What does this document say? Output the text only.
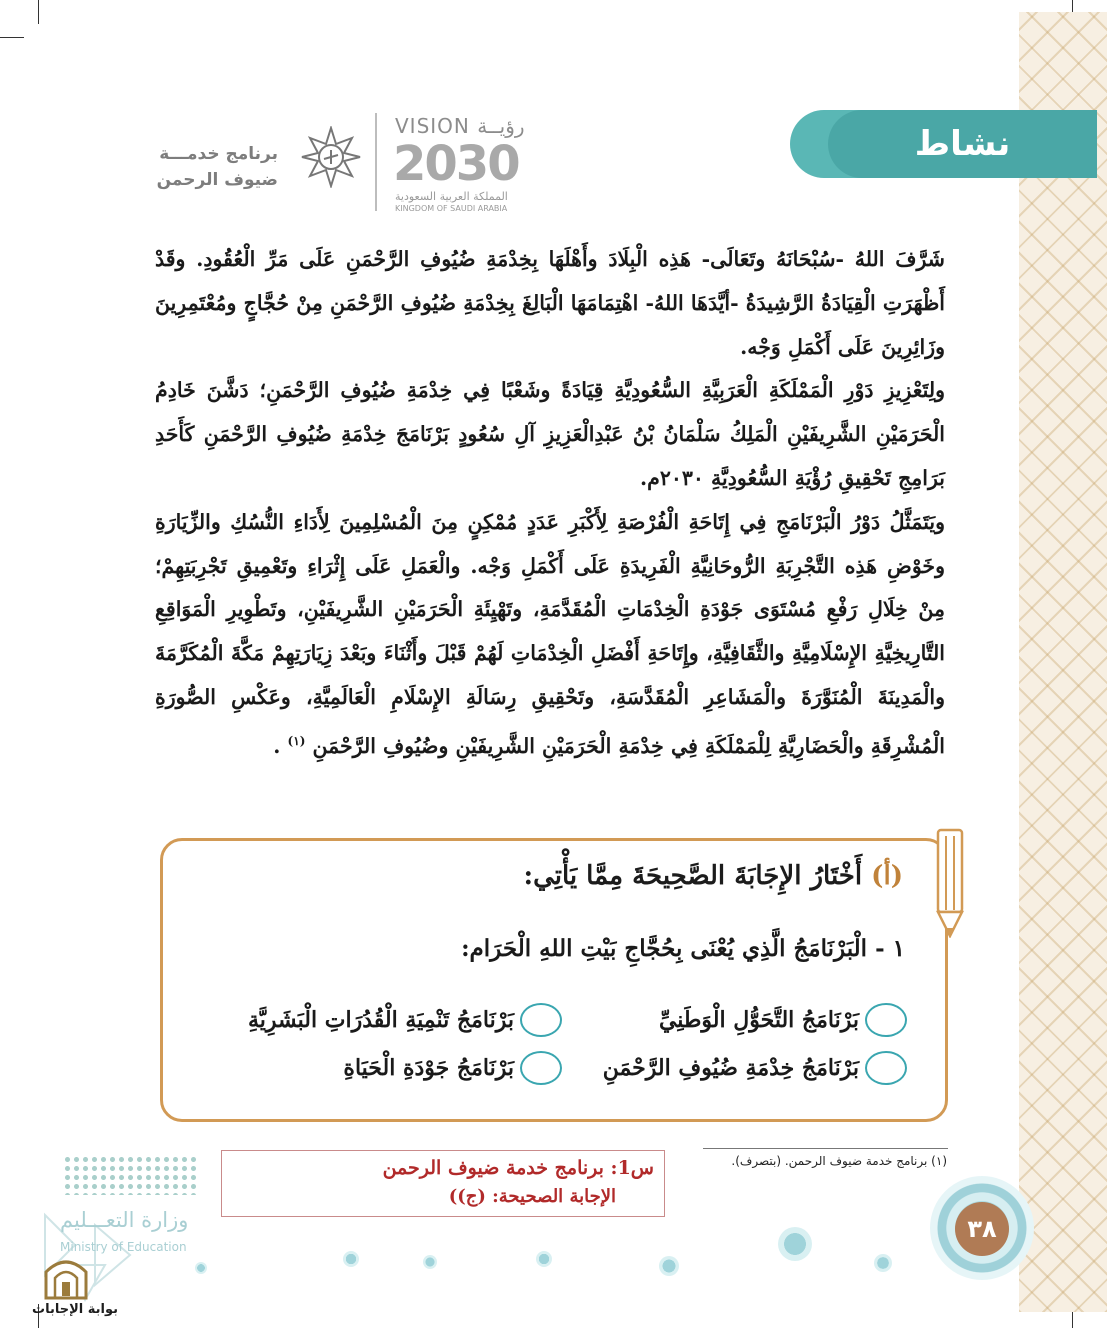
VISION رؤيــة
2030
المملكة العربية السعودية
KINGDOM OF SAUDI ARABIA
برنامج خدمـــة
ضيوف الرحمن
نشاط

شَرَّفَ اللهُ -سُبْحَانَهُ وتَعَالَى- هَذِه الْبِلَادَ وأَهْلَهَا بِخِدْمَةِ ضُيُوفِ الرَّحْمَنِ عَلَى مَرِّ الْعُقُودِ. وقَدْ أَظْهَرَتِ الْقِيَادَةُ الرَّشِيدَةُ -أيَّدَهَا اللهُ- اهْتِمَامَهَا الْبَالِغَ بِخِدْمَةِ ضُيُوفِ الرَّحْمَنِ مِنْ حُجَّاجٍ ومُعْتَمِرِينَ وزَائِرِينَ عَلَى أَكْمَلِ وَجْه.

ولِتَعْزِيزِ دَوْرِ الْمَمْلَكَةِ الْعَرَبِيَّةِ السُّعُودِيَّةِ قِيَادَةً وشَعْبًا فِي خِدْمَةِ ضُيُوفِ الرَّحْمَنِ؛ دَشَّنَ خَادِمُ الْحَرَمَيْنِ الشَّرِيفَيْنِ الْمَلِكُ سَلْمَانُ بْنُ عَبْدِالْعَزِيزِ آلِ سُعُودٍ بَرْنَامَجَ خِدْمَةِ ضُيُوفِ الرَّحْمَنِ كَأَحَدِ بَرَامِجِ تَحْقِيقِ رُؤْيَةِ السُّعُودِيَّةِ ٢٠٣٠م.

ويَتَمَثَّلُ دَوْرُ الْبَرْنَامَجِ فِي إِتَاحَةِ الْفُرْصَةِ لِأَكْبَرِ عَدَدٍ مُمْكِنٍ مِنَ الْمُسْلِمِينَ لِأَدَاءِ النُّسُكِ والزِّيَارَةِ وخَوْضِ هَذِه التَّجْرِبَةِ الرُّوحَانِيَّةِ الْفَرِيدَةِ عَلَى أَكْمَلِ وَجْه. والْعَمَلِ عَلَى إِثْرَاءِ وتَعْمِيقِ تَجْرِبَتِهِمْ؛ مِنْ خِلَالِ رَفْعِ مُسْتَوَى جَوْدَةِ الْخِدْمَاتِ الْمُقَدَّمَةِ، وتَهْيِئَةِ الْحَرَمَيْنِ الشَّرِيفَيْنِ، وتَطْوِيرِ الْمَوَاقِعِ التَّارِيخِيَّةِ الإِسْلَامِيَّةِ والثَّقَافِيَّةِ، وإِتَاحَةِ أَفْضَلِ الْخِدْمَاتِ لَهُمْ قَبْلَ وأَثْنَاءَ وبَعْدَ زِيَارَتِهِمْ مَكَّةَ الْمُكَرَّمَةَ والْمَدِينَةَ الْمُنَوَّرَةَ والْمَشَاعِرِ الْمُقَدَّسَةِ، وتَحْقِيقِ رِسَالَةِ الإِسْلَامِ الْعَالَمِيَّةِ، وعَكْسِ الصُّورَةِ الْمُشْرِقَةِ والْحَضَارِيَّةِ لِلْمَمْلَكَةِ فِي خِدْمَةِ الْحَرَمَيْنِ الشَّرِيفَيْنِ وضُيُوفِ الرَّحْمَنِ $^{(١)}$ .

(أ) أَخْتَارُ الإِجَابَةَ الصَّحِيحَةَ مِمَّا يَأْتِي:
١ - الْبَرْنَامَجُ الَّذِي يُعْنَى بِحُجَّاجِ بَيْتِ اللهِ الْحَرَام:
بَرْنَامَجُ التَّحَوُّلِ الْوَطَنِيِّ
بَرْنَامَجُ تَنْمِيَةِ الْقُدُرَاتِ الْبَشَرِيَّةِ
بَرْنَامَجُ خِدْمَةِ ضُيُوفِ الرَّحْمَنِ
بَرْنَامَجُ جَوْدَةِ الْحَيَاةِ
س1: برنامج خدمة ضيوف الرحمن
الإجابة الصحيحة: (ج))
(١) برنامج خدمة ضيوف الرحمن. (بتصرف).
٣٨
وزارة التعـــليم
Ministry of Education
بوابة الإجابات
